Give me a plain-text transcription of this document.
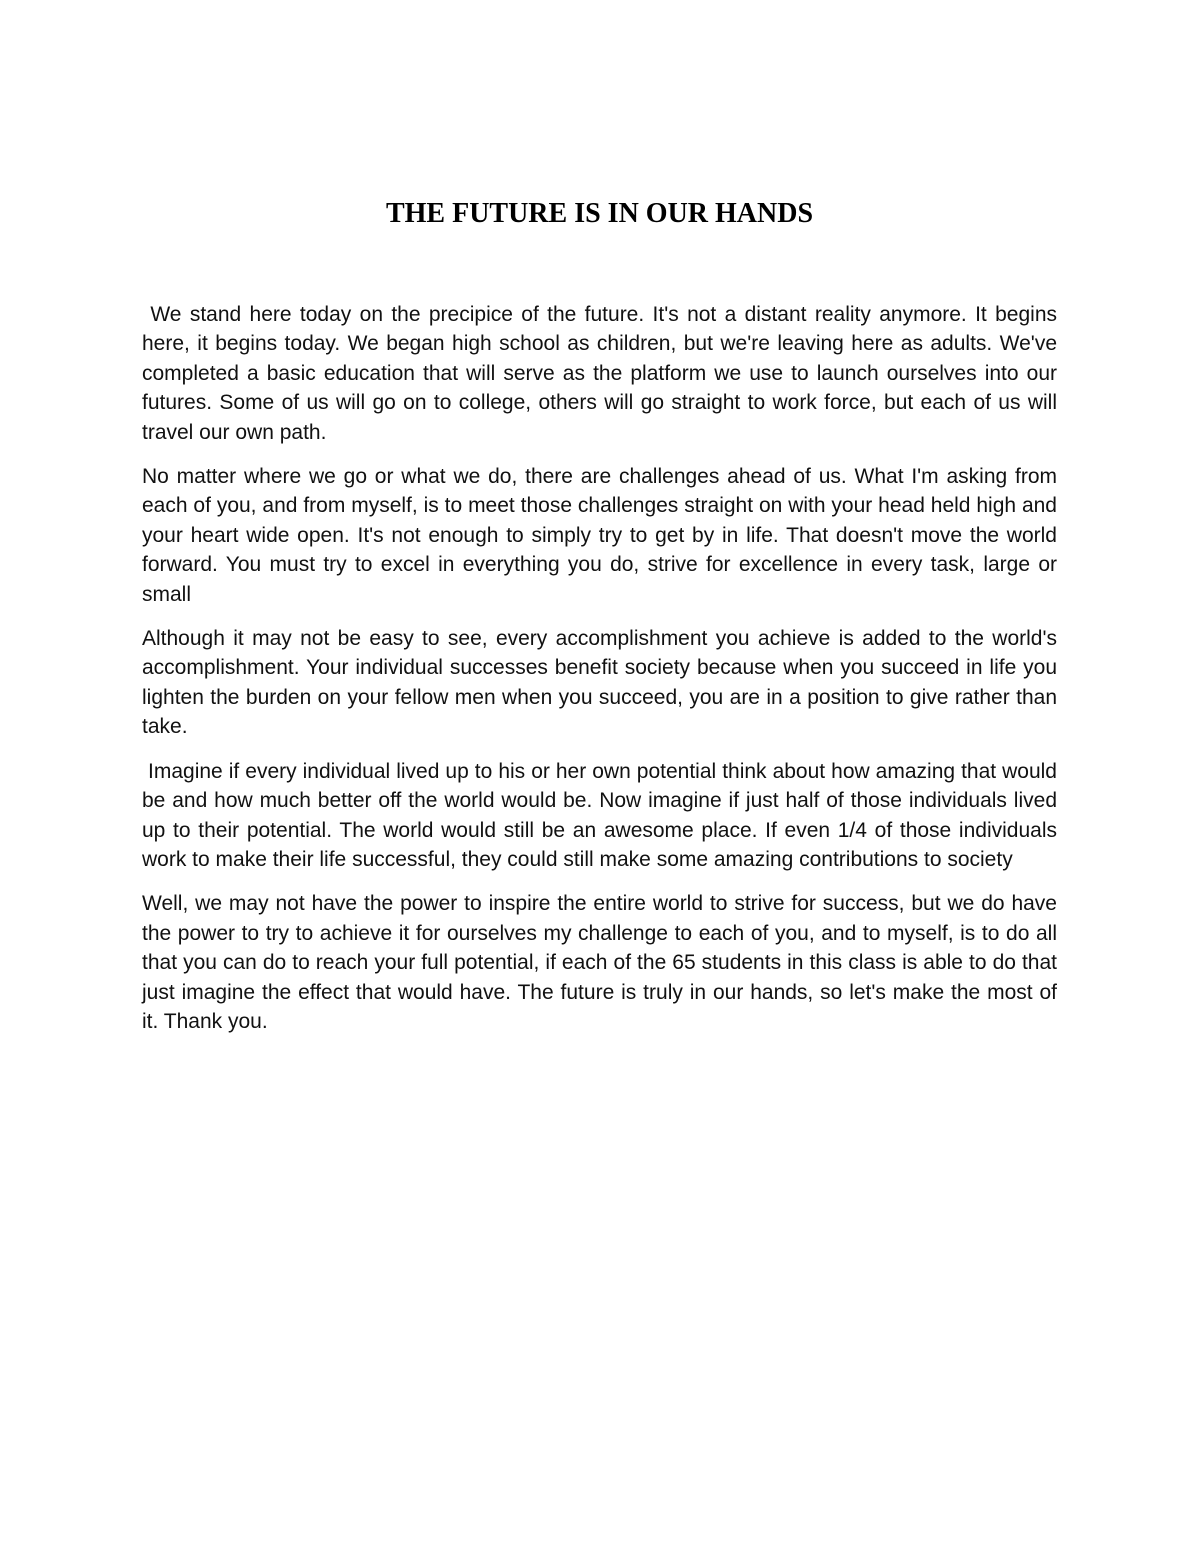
THE FUTURE IS IN OUR HANDS

We stand here today on the precipice of the future. It's not a distant reality anymore. It begins here, it begins today. We began high school as children, but we're leaving here as adults. We've completed a basic education that will serve as the platform we use to launch ourselves into our futures. Some of us will go on to college, others will go straight to work force, but each of us will travel our own path.

No matter where we go or what we do, there are challenges ahead of us. What I'm asking from each of you, and from myself, is to meet those challenges straight on with your head held high and your heart wide open. It's not enough to simply try to get by in life. That doesn't move the world forward. You must try to excel in everything you do, strive for excellence in every task, large or small

Although it may not be easy to see, every accomplishment you achieve is added to the world's accomplishment. Your individual successes benefit society because when you succeed in life you lighten the burden on your fellow men when you succeed, you are in a position to give rather than take.

Imagine if every individual lived up to his or her own potential think about how amazing that would be and how much better off the world would be. Now imagine if just half of those individuals lived up to their potential. The world would still be an awesome place. If even 1/4 of those individuals work to make their life successful, they could still make some amazing contributions to society

Well, we may not have the power to inspire the entire world to strive for success, but we do have the power to try to achieve it for ourselves my challenge to each of you, and to myself, is to do all that you can do to reach your full potential, if each of the 65 students in this class is able to do that just imagine the effect that would have. The future is truly in our hands, so let's make the most of it. Thank you.
